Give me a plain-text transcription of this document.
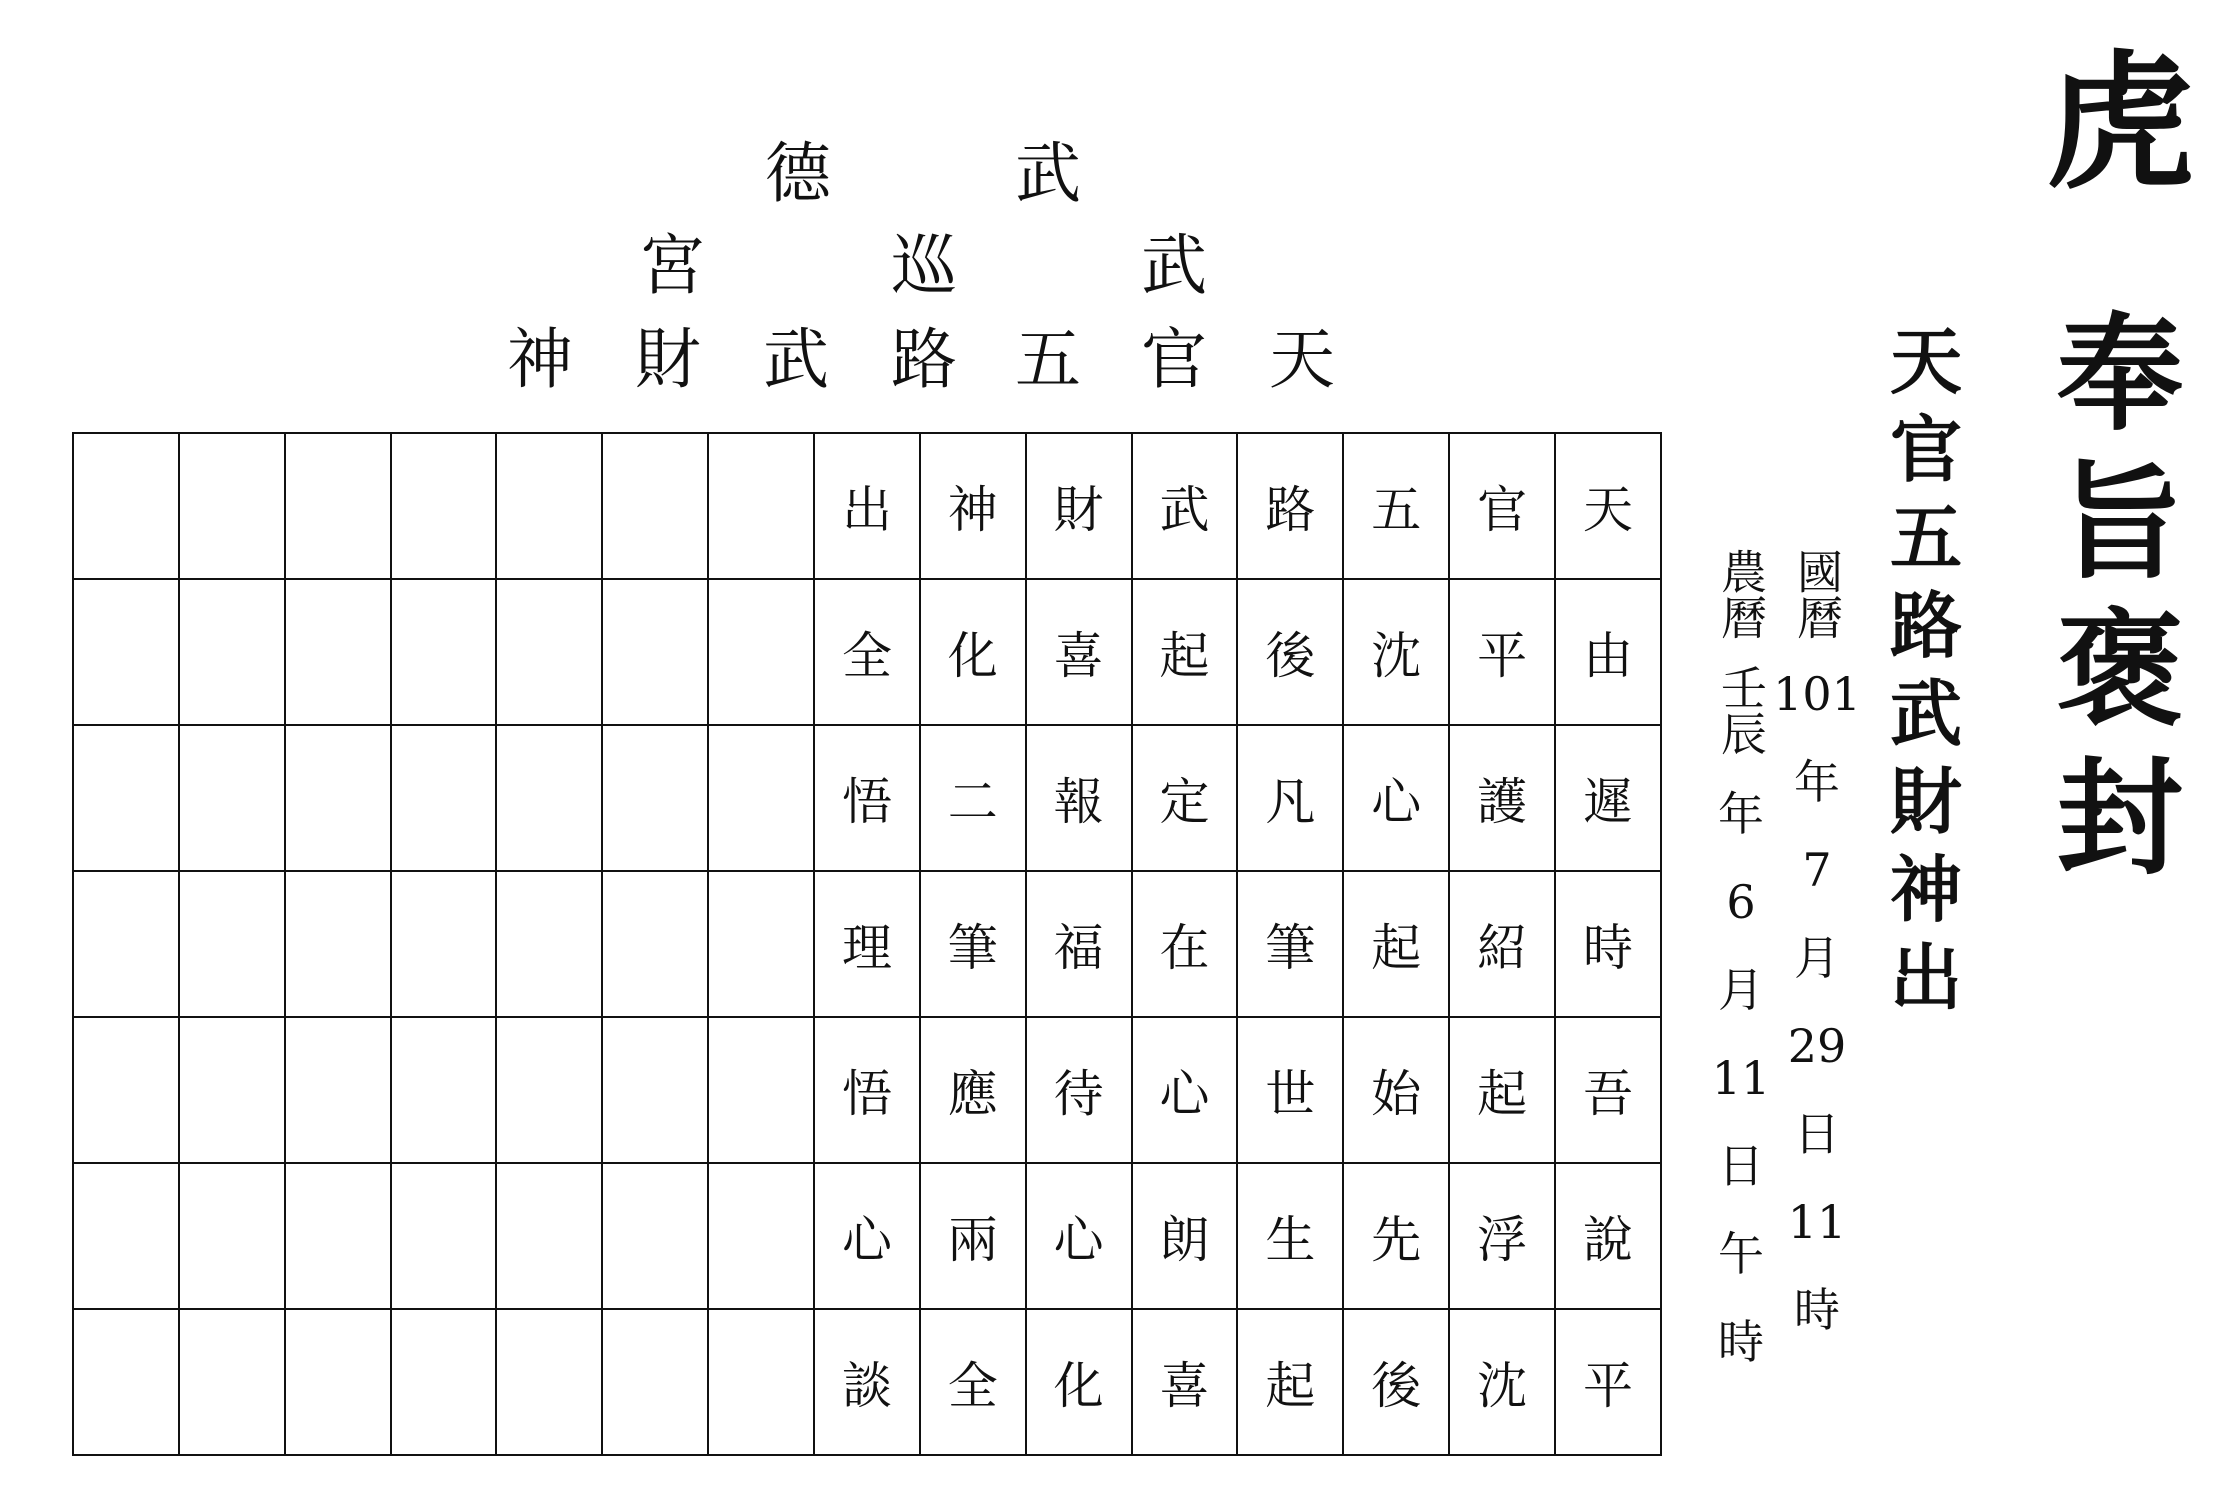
德	武
宮	巡	武
神 財 武 路 五 官 天
虎
奉
旨
褒
封
天
官
五
路
武
財
神
出
國曆
101
年
7
月
29
日
11
時
農曆
壬辰
年
6
月
11
日
午
時
							出	神	財	武	路	五	官	天
							全	化	喜	起	後	沈	平	由
							悟	二	報	定	凡	心	護	遲
							理	筆	福	在	筆	起	紹	時
							悟	應	待	心	世	始	起	吾
							心	兩	心	朗	生	先	浮	說
							談	全	化	喜	起	後	沈	平
